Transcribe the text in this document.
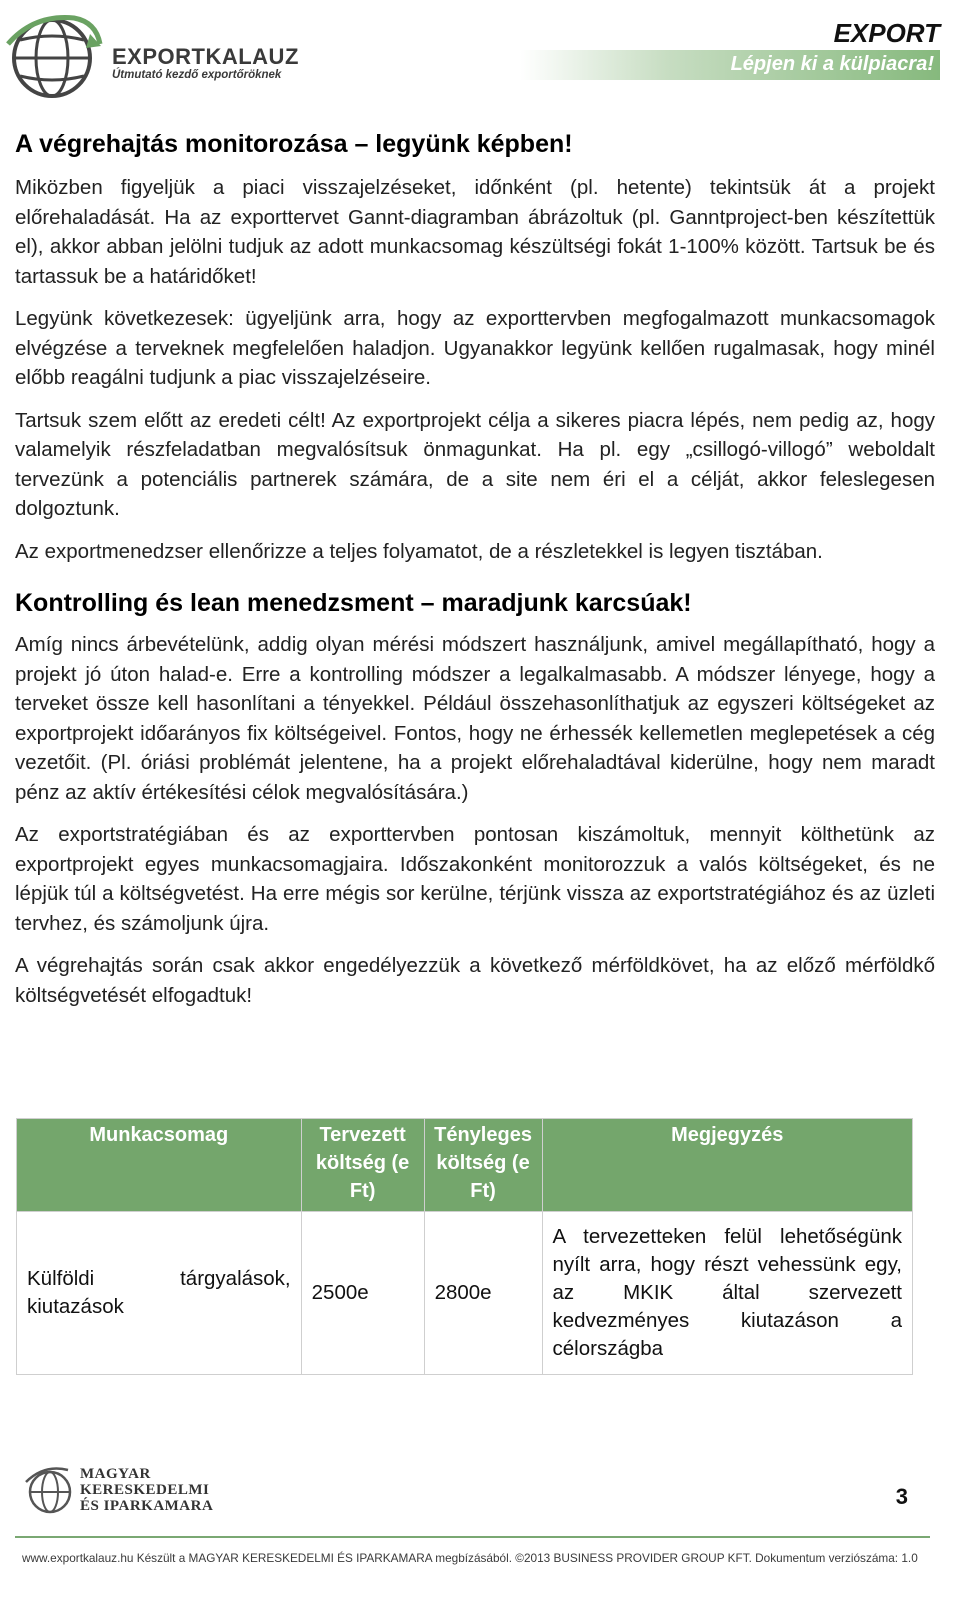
EXPORTKALAUZ
Útmutató kezdő exportőröknek
EXPORT
Lépjen ki a külpiacra!
A végrehajtás monitorozása – legyünk képben!

Miközben figyeljük a piaci visszajelzéseket, időnként (pl. hetente) tekintsük át a projekt előrehaladását. Ha az exporttervet Gannt-diagramban ábrázoltuk (pl. Ganntproject-ben készítettük el), akkor abban jelölni tudjuk az adott munkacsomag készültségi fokát 1-100% között. Tartsuk be és tartassuk be a határidőket!

Legyünk következesek: ügyeljünk arra, hogy az exporttervben megfogalmazott munkacsomagok elvégzése a terveknek megfelelően haladjon. Ugyanakkor legyünk kellően rugalmasak, hogy minél előbb reagálni tudjunk a piac visszajelzéseire.

Tartsuk szem előtt az eredeti célt! Az exportprojekt célja a sikeres piacra lépés, nem pedig az, hogy valamelyik részfeladatban megvalósítsuk önmagunkat. Ha pl. egy „csillogó-villogó” weboldalt tervezünk a potenciális partnerek számára, de a site nem éri el a célját, akkor feleslegesen dolgoztunk.

Az exportmenedzser ellenőrizze a teljes folyamatot, de a részletekkel is legyen tisztában.

Kontrolling és lean menedzsment – maradjunk karcsúak!

Amíg nincs árbevételünk, addig olyan mérési módszert használjunk, amivel megállapítható, hogy a projekt jó úton halad-e. Erre a kontrolling módszer a legalkalmasabb. A módszer lényege, hogy a terveket össze kell hasonlítani a tényekkel. Például összehasonlíthatjuk az egyszeri költségeket az exportprojekt időarányos fix költségeivel. Fontos, hogy ne érhessék kellemetlen meglepetések a cég vezetőit. (Pl. óriási problémát jelentene, ha a projekt előrehaladtával kiderülne, hogy nem maradt pénz az aktív értékesítési célok megvalósítására.)

Az exportstratégiában és az exporttervben pontosan kiszámoltuk, mennyit költhetünk az exportprojekt egyes munkacsomagjaira. Időszakonként monitorozzuk a valós költségeket, és ne lépjük túl a költségvetést. Ha erre mégis sor kerülne, térjünk vissza az exportstratégiához és az üzleti tervhez, és számoljunk újra.

A végrehajtás során csak akkor engedélyezzük a következő mérföldkövet, ha az előző mérföldkő költségvetését elfogadtuk!

Munkacsomag	Tervezett költség (e Ft)	Tényleges költség (e Ft)	Megjegyzés
Külföldi tárgyalások, kiutazások	2500e	2800e	A tervezetteken felül lehetőségünk nyílt arra, hogy részt vehessünk egy, az MKIK által szervezett kedvezményes kiutazáson a célországba
MAGYAR
KERESKEDELMI
ÉS IPARKAMARA	3
www.exportkalauz.hu Készült a MAGYAR KERESKEDELMI ÉS IPARKAMARA megbízásából. ©2013 BUSINESS PROVIDER GROUP KFT. Dokumentum verziószáma: 1.0
